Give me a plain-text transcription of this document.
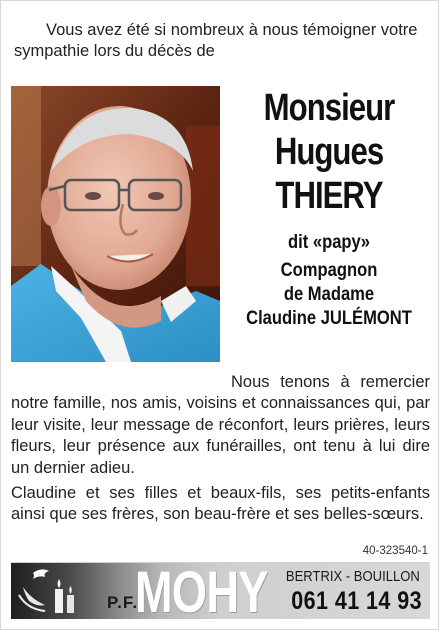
Vous avez été si nombreux à nous témoigner votre sympathie lors du décès de
Monsieur
Hugues
THIERY
dit «papy»
Compagnon
de Madame
Claudine JULÉMONT

Nous tenons à remercier notre famille, nos amis, voisins et connaissances qui, par leur visite, leur message de réconfort, leurs prières, leurs fleurs, leur présence aux funérailles, ont tenu à lui dire un dernier adieu.

Claudine et ses filles et beaux-fils, ses petits-enfants ainsi que ses frères, son beau-frère et ses belles-sœurs.

40-323540-1
P.F.
MOHY BERTRIX - BOUILLON
061 41 14 93
